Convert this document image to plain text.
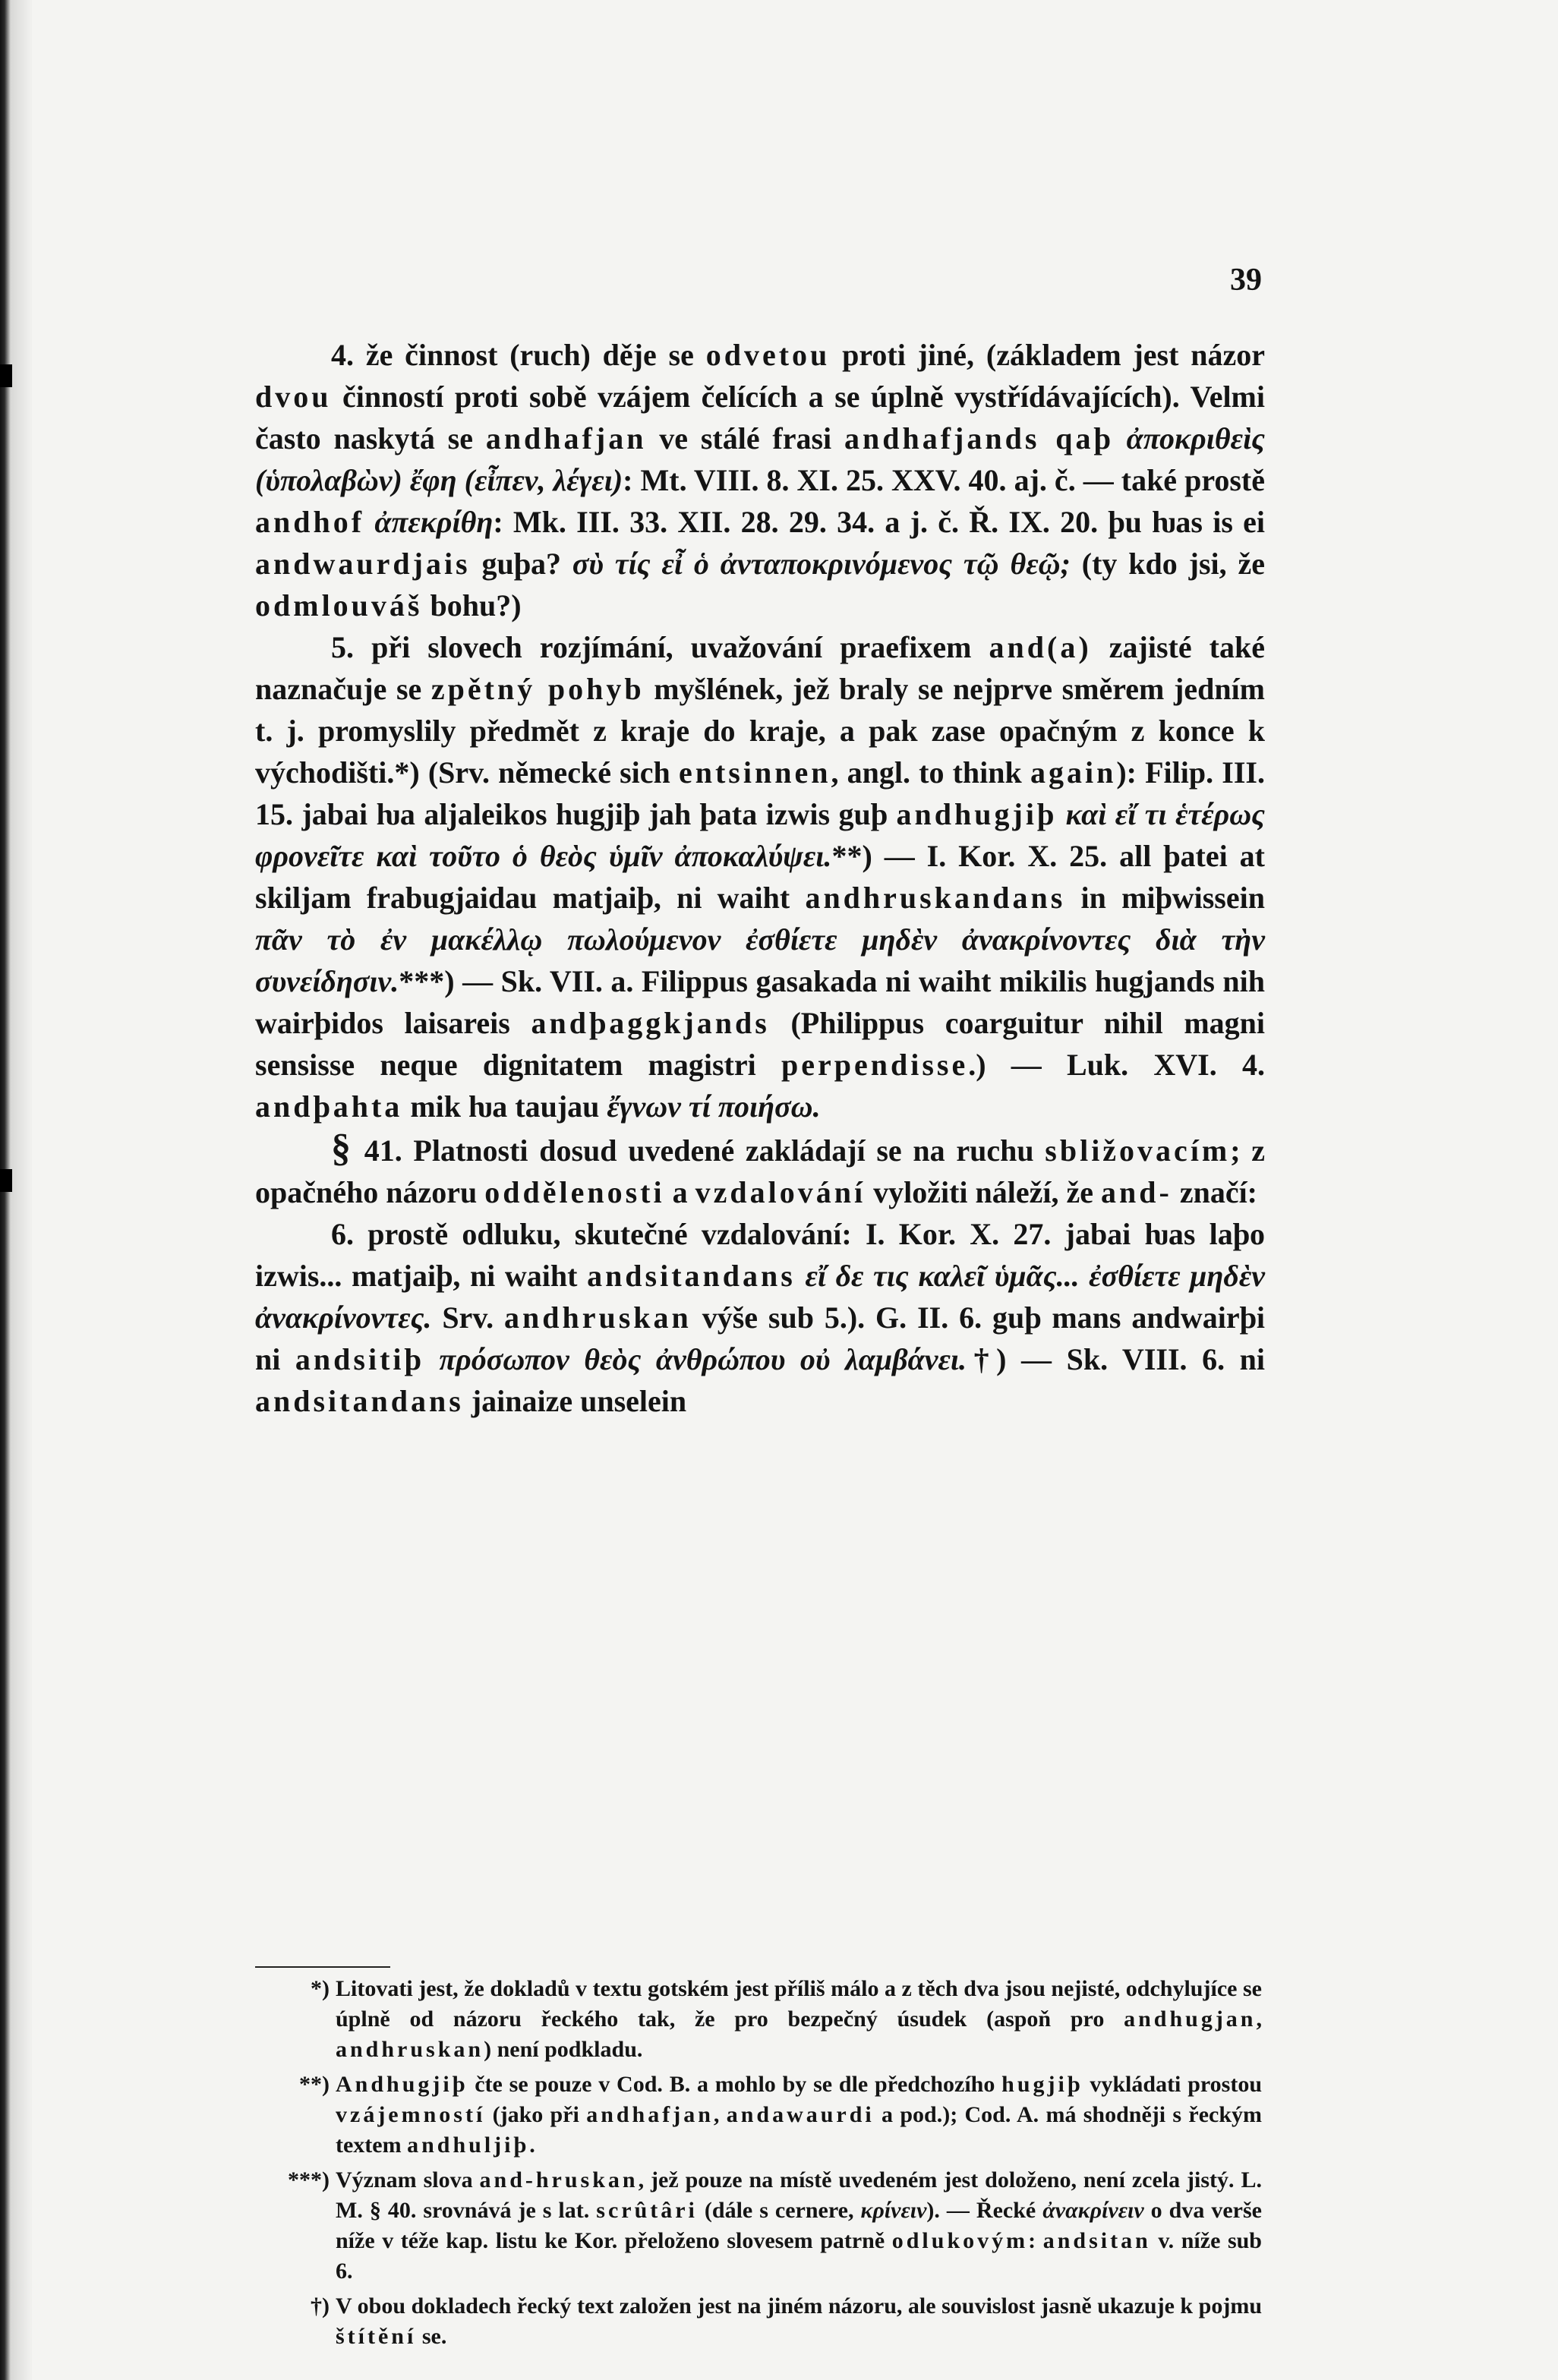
39

4. že činnost (ruch) děje se odvetou proti jiné, (základem jest názor dvou činností proti sobě vzájem čelících a se úplně vystřídávajících). Velmi často naskytá se andhafjan ve stálé frasi andhafjands qaþ ἀποκριθεὶς (ὑπολαβὼν) ἔφη (εἶπεν, λέγει): Mt. VIII. 8. XI. 25. XXV. 40. aj. č. — také prostě andhof ἀπεκρίθη: Mk. III. 33. XII. 28. 29. 34. a j. č. Ř. IX. 20. þu ƕas is ei andwaurdjais guþa? σὺ τίς εἶ ὁ ἀνταποκρινόμενος τῷ θεῷ; (ty kdo jsi, že odmlouváš bohu?)

5. při slovech rozjímání, uvažování praefixem and(a) zajisté také naznačuje se zpětný pohyb myšlének, jež braly se nejprve směrem jedním t. j. promyslily předmět z kraje do kraje, a pak zase opačným z konce k východišti.*) (Srv. německé sich entsinnen, angl. to think again): Filip. III. 15. jabai ƕa aljaleikos hugjiþ jah þata izwis guþ andhugjiþ καὶ εἴ τι ἑτέρως φρονεῖτε καὶ τοῦτο ὁ θεὸς ὑμῖν ἀποκαλύψει.**) — I. Kor. X. 25. all þatei at skiljam frabugjaidau matjaiþ, ni waiht andhruskandans in miþwissein πᾶν τὸ ἐν μακέλλῳ πωλούμενον ἐσθίετε μηδὲν ἀνακρίνοντες διὰ τὴν συνείδησιν.***) — Sk. VII. a. Filippus gasakada ni waiht mikilis hugjands nih wairþidos laisareis andþaggkjands (Philippus coarguitur nihil magni sensisse neque dignitatem magistri perpendisse.) — Luk. XVI. 4. andþahta mik ƕa taujau ἔγνων τί ποιήσω.

§ 41. Platnosti dosud uvedené zakládají se na ruchu sbližovacím; z opačného názoru oddělenosti a vzdalování vyložiti náleží, že and- značí:

6. prostě odluku, skutečné vzdalování: I. Kor. X. 27. jabai ƕas laþo izwis... matjaiþ, ni waiht andsitandans εἴ δε τις καλεῖ ὑμᾶς... ἐσθίετε μηδὲν ἀνακρίνοντες. Srv. andhruskan výše sub 5.). G. II. 6. guþ mans andwairþi ni andsitiþ πρόσωπον θεὸς ἀνθρώπου οὐ λαμβάνει.†) — Sk. VIII. 6. ni andsitandans jainaize unselein

*) Litovati jest, že dokladů v textu gotském jest příliš málo a z těch dva jsou nejisté, odchylujíce se úplně od názoru řeckého tak, že pro bezpečný úsudek (aspoň pro andhugjan, andhruskan) není podkladu.
**) Andhugjiþ čte se pouze v Cod. B. a mohlo by se dle předchozího hugjiþ vykládati prostou vzájemností (jako při andhafjan, andawaurdi a pod.); Cod. A. má shodněji s řeckým textem andhuljiþ.
***) Význam slova and-hruskan, jež pouze na místě uvedeném jest doloženo, není zcela jistý. L. M. § 40. srovnává je s lat. scrûtâri (dále s cernere, κρίνειν). — Řecké ἀνακρίνειν o dva verše níže v téže kap. listu ke Kor. přeloženo slovesem patrně odlukovým: andsitan v. níže sub 6.
†) V obou dokladech řecký text založen jest na jiném názoru, ale souvislost jasně ukazuje k pojmu štítění se.
